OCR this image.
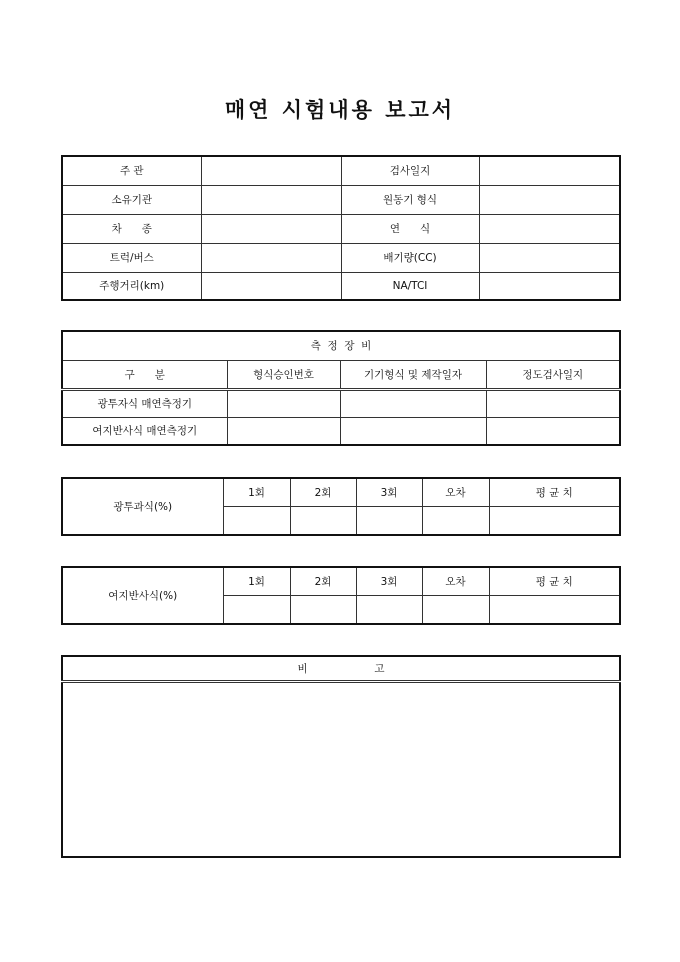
매연 시험내용 보고서
주 관		검사일지	
소유기관		원동기 형식	
차      종		연      식	
트럭/버스		배기량(CC)	
주행거리(km)		NA/TCI	
측  정  장  비			
구      분	형식승인번호	기기형식 및 제작일자	정도검사일지
광투자식 매연측정기			
여지반사식 매연측정기			
광투과식(%)	1회	2회	3회	오차	평 균 치

여지반사식(%)	1회	2회	3회	오차	평 균 치

비                    고
